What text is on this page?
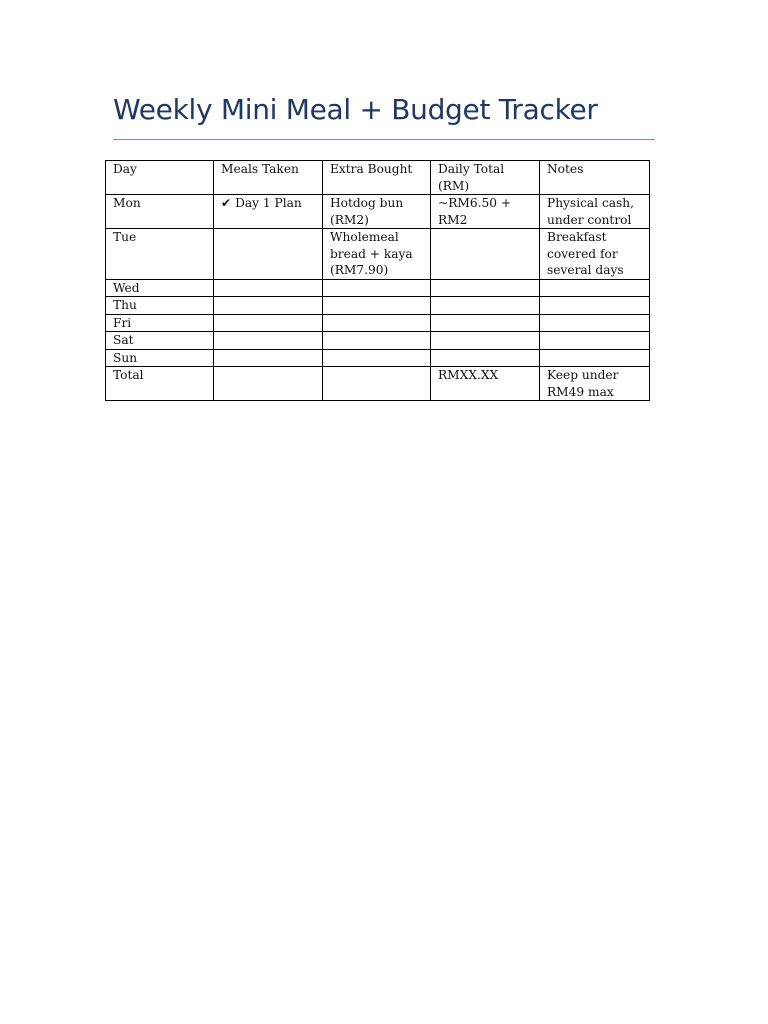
Weekly Mini Meal + Budget Tracker
Day	Meals Taken	Extra Bought	Daily Total (RM)	Notes
Mon	✔ Day 1 Plan	Hotdog bun (RM2)	~RM6.50 + RM2	Physical cash, under control
Tue		Wholemeal bread + kaya (RM7.90)		Breakfast covered for several days
Wed				
Thu				
Fri				
Sat				
Sun				
Total			RMXX.XX	Keep under RM49 max
